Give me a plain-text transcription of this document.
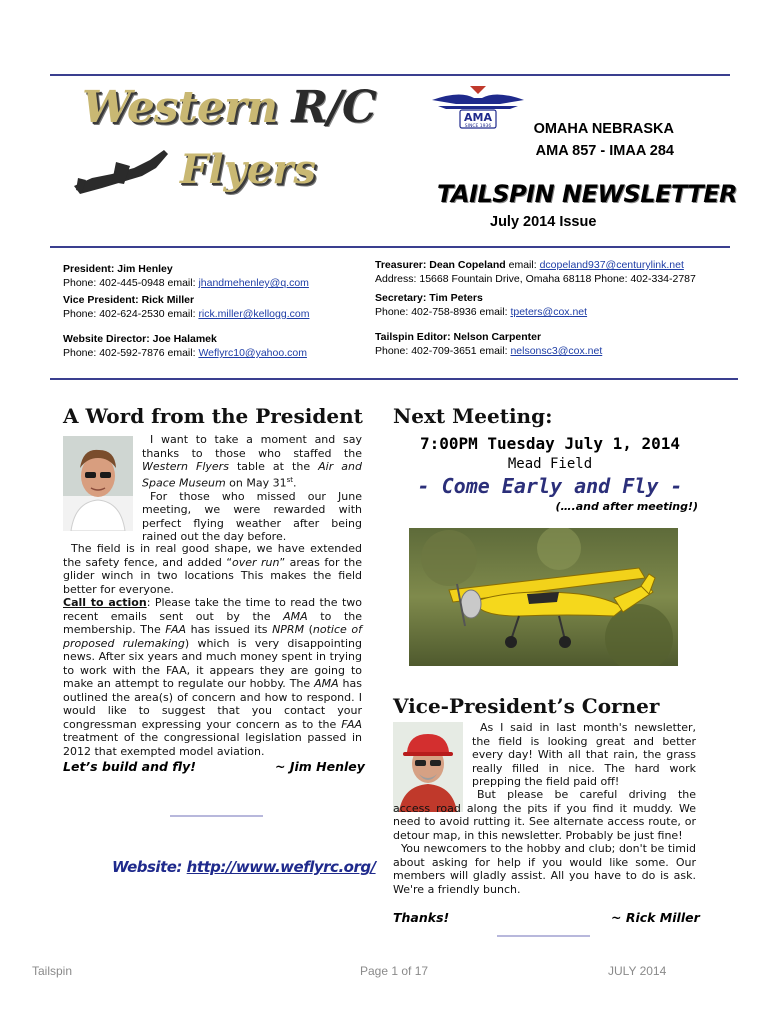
Western R/C
Flyers
AMA
SINCE 1936	OMAHA NEBRASKA
AMA 857 - IMAA 284
TAILSPIN NEWSLETTER
July 2014 Issue
President: Jim Henley
Phone: 402-445-0948 email: jhandmehenley@q.com
Vice President: Rick Miller
Phone: 402-624-2530 email: rick.miller@kellogg.com
Website Director: Joe Halamek
Phone: 402-592-7876 email: Weflyrc10@yahoo.com
Treasurer: Dean Copeland email: dcopeland937@centurylink.net
Address: 15668 Fountain Drive, Omaha 68118 Phone: 402-334-2787
Secretary: Tim Peters
Phone: 402-758-8936 email: tpeters@cox.net
Tailspin Editor: Nelson Carpenter
Phone: 402-709-3651 email: nelsonsc3@cox.net
A Word from the President

I want to take a moment and say thanks to those who staffed the Western Flyers table at the Air and Space Museum on May 31st.

For those who missed our June meeting, we were rewarded with perfect flying weather after being rained out the day before.

The field is in real good shape, we have extended the safety fence, and added “over run” areas for the glider winch in two locations This makes the field better for everyone.

Call to action: Please take the time to read the two recent emails sent out by the AMA to the membership. The FAA has issued its NPRM (notice of proposed rulemaking) which is very disappointing news. After six years and much money spent in trying to work with the FAA, it appears they are going to make an attempt to regulate our hobby. The AMA has outlined the area(s) of concern and how to respond. I would like to suggest that you contact your congressman expressing your concern as to the FAA treatment of the congressional legislation passed in 2012 that exempted model aviation.

Let’s build and fly!	~ Jim Henley
Website: http://www.weflyrc.org/
Next Meeting:
7:00PM Tuesday July 1, 2014
Mead Field
- Come Early and Fly -
(….and after meeting!)
Vice-President’s Corner

As I said in last month's newsletter, the field is looking great and better every day! With all that rain, the grass really filled in nice. The hard work prepping the field paid off!

But please be careful driving the access road along the pits if you find it muddy. We need to avoid rutting it. See alternate access route, or detour map, in this newsletter. Probably be just fine!

You newcomers to the hobby and club; don't be timid about asking for help if you would like some. Our members will gladly assist. All you have to do is ask. We're a friendly bunch.

Thanks!	~ Rick Miller
Tailspin	Page 1 of 17	JULY 2014
